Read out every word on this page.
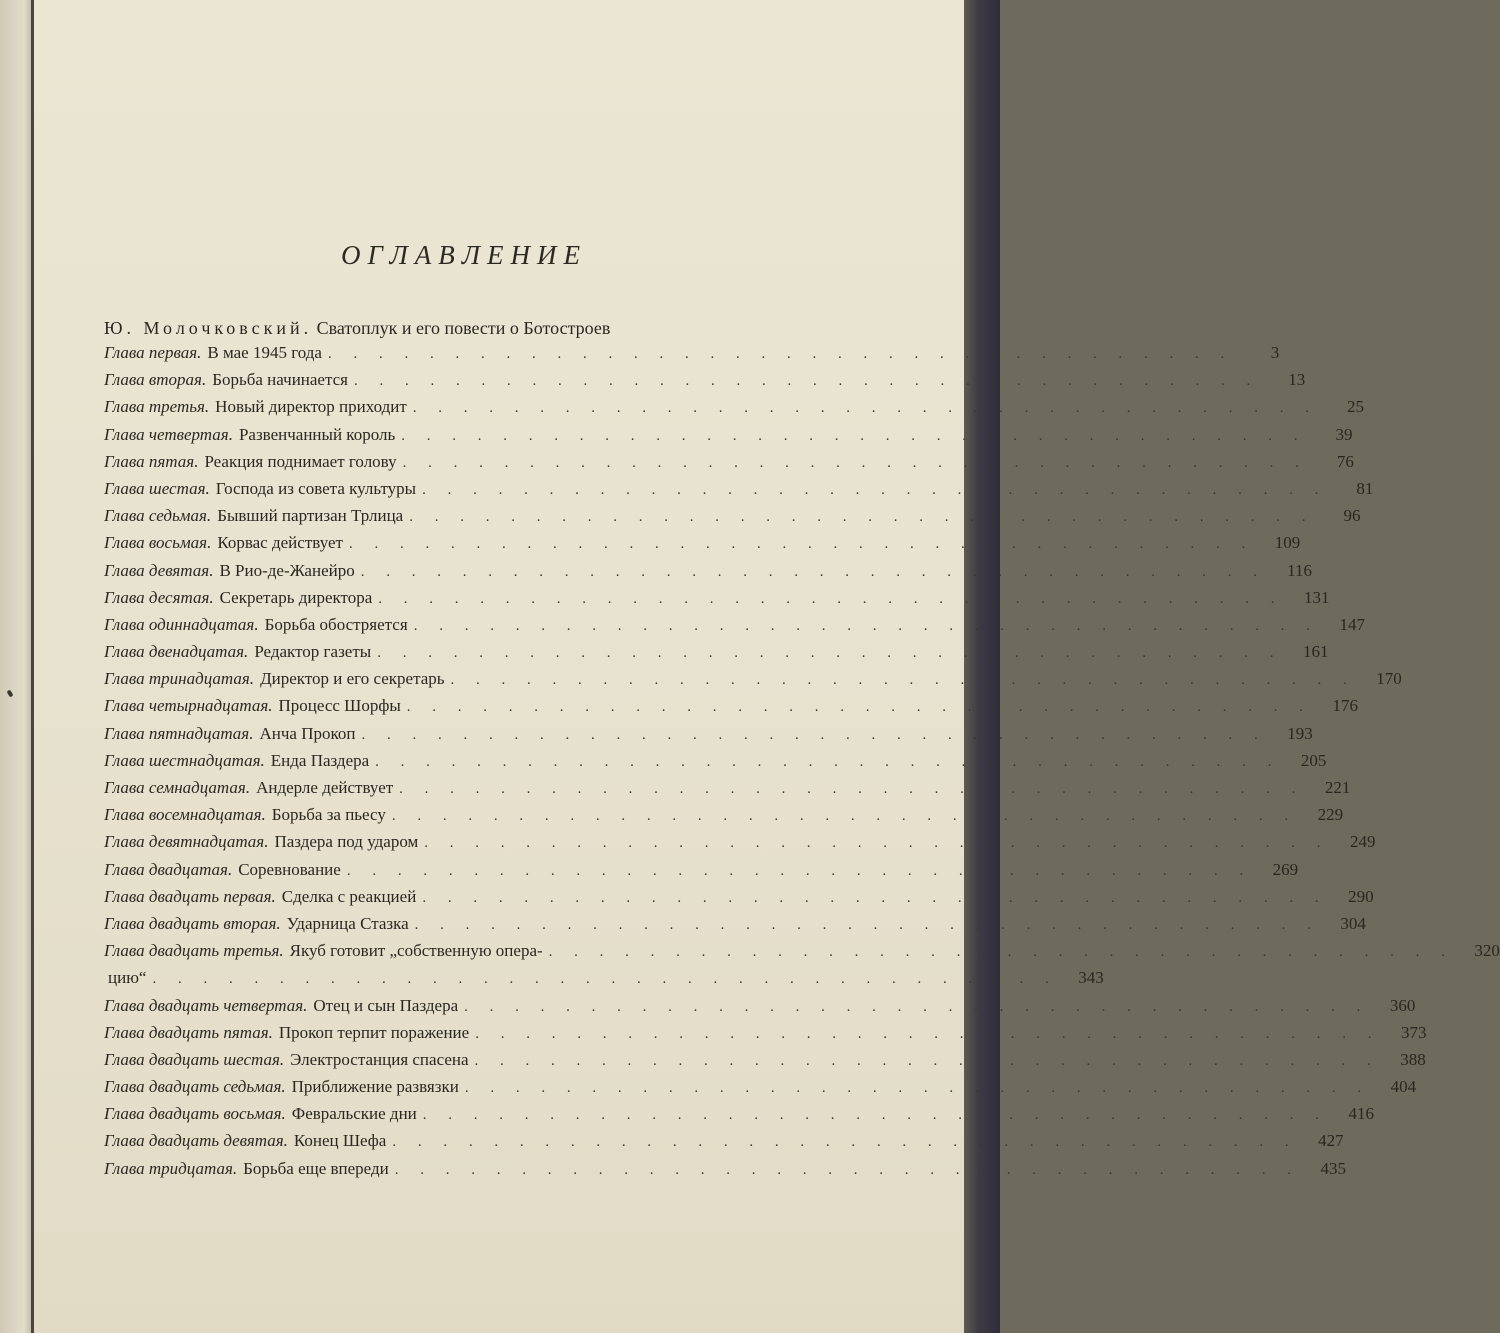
ОГЛАВЛЕНИЕ
Ю. Молочковский. Сватоплук и его повести о Ботостроев
Глава первая. В мае 1945 года . . . . . . . . . . . . . . . . . . . . . . . . . . . . . . . . . . . .	3
Глава вторая. Борьба начинается . . . . . . . . . . . . . . . . . . . . . . . . . . . . . . . . . . . .	13
Глава третья. Новый директор приходит . . . . . . . . . . . . . . . . . . . . . . . . . . . . . . . . . . . .	25
Глава четвертая. Развенчанный король . . . . . . . . . . . . . . . . . . . . . . . . . . . . . . . . . . . .	39
Глава пятая. Реакция поднимает голову . . . . . . . . . . . . . . . . . . . . . . . . . . . . . . . . . . . .	76
Глава шестая. Господа из совета культуры . . . . . . . . . . . . . . . . . . . . . . . . . . . . . . . . . . . .	81
Глава седьмая. Бывший партизан Трлица . . . . . . . . . . . . . . . . . . . . . . . . . . . . . . . . . . . .	96
Глава восьмая. Корвас действует . . . . . . . . . . . . . . . . . . . . . . . . . . . . . . . . . . . .	109
Глава девятая. В Рио-де-Жанейро . . . . . . . . . . . . . . . . . . . . . . . . . . . . . . . . . . . .	116
Глава десятая. Секретарь директора . . . . . . . . . . . . . . . . . . . . . . . . . . . . . . . . . . . .	131
Глава одиннадцатая. Борьба обостряется . . . . . . . . . . . . . . . . . . . . . . . . . . . . . . . . . . . .	147
Глава двенадцатая. Редактор газеты . . . . . . . . . . . . . . . . . . . . . . . . . . . . . . . . . . . .	161
Глава тринадцатая. Директор и его секретарь . . . . . . . . . . . . . . . . . . . . . . . . . . . . . . . . . . . .	170
Глава четырнадцатая. Процесс Шорфы . . . . . . . . . . . . . . . . . . . . . . . . . . . . . . . . . . . .	176
Глава пятнадцатая. Анча Прокоп . . . . . . . . . . . . . . . . . . . . . . . . . . . . . . . . . . . .	193
Глава шестнадцатая. Енда Паздера . . . . . . . . . . . . . . . . . . . . . . . . . . . . . . . . . . . .	205
Глава семнадцатая. Андерле действует . . . . . . . . . . . . . . . . . . . . . . . . . . . . . . . . . . . .	221
Глава восемнадцатая. Борьба за пьесу . . . . . . . . . . . . . . . . . . . . . . . . . . . . . . . . . . . .	229
Глава девятнадцатая. Паздера под ударом . . . . . . . . . . . . . . . . . . . . . . . . . . . . . . . . . . . .	249
Глава двадцатая. Соревнование . . . . . . . . . . . . . . . . . . . . . . . . . . . . . . . . . . . .	269
Глава двадцать первая. Сделка с реакцией . . . . . . . . . . . . . . . . . . . . . . . . . . . . . . . . . . . .	290
Глава двадцать вторая. Ударница Стазка . . . . . . . . . . . . . . . . . . . . . . . . . . . . . . . . . . . .	304
Глава двадцать третья. Якуб готовит „собственную опера- . . . . . . . . . . . . . . . . . . . . . . . . . . . . . . . . . . . .	320
цию“ . . . . . . . . . . . . . . . . . . . . . . . . . . . . . . . . . . . .	343
Глава двадцать четвертая. Отец и сын Паздера . . . . . . . . . . . . . . . . . . . . . . . . . . . . . . . . . . . .	360
Глава двадцать пятая. Прокоп терпит поражение . . . . . . . . . . . . . . . . . . . . . . . . . . . . . . . . . . . .	373
Глава двадцать шестая. Электростанция спасена . . . . . . . . . . . . . . . . . . . . . . . . . . . . . . . . . . . .	388
Глава двадцать седьмая. Приближение развязки . . . . . . . . . . . . . . . . . . . . . . . . . . . . . . . . . . . .	404
Глава двадцать восьмая. Февральские дни . . . . . . . . . . . . . . . . . . . . . . . . . . . . . . . . . . . .	416
Глава двадцать девятая. Конец Шефа . . . . . . . . . . . . . . . . . . . . . . . . . . . . . . . . . . . .	427
Глава тридцатая. Борьба еще впереди . . . . . . . . . . . . . . . . . . . . . . . . . . . . . . . . . . . .	435
